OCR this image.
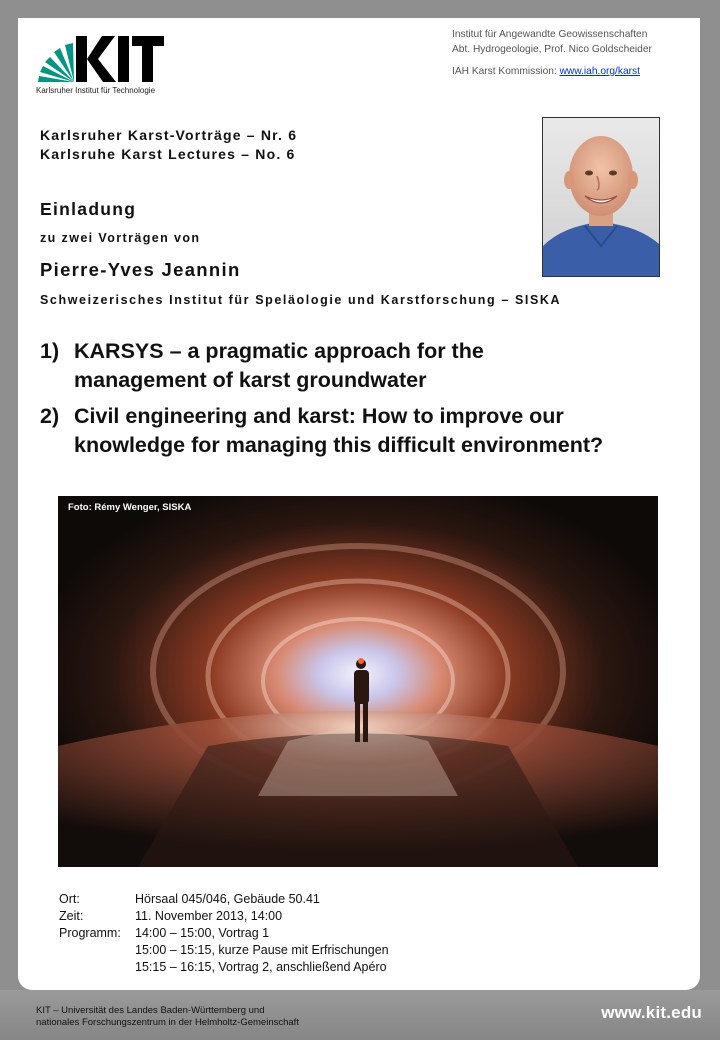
Karlsruher Institut für Technologie
Institut für Angewandte Geowissenschaften
Abt. Hydrogeologie, Prof. Nico Goldscheider
IAH Karst Kommission: www.iah.org/karst
Karlsruher Karst-Vorträge – Nr. 6
Karlsruhe Karst Lectures – No. 6
Einladung
zu zwei Vorträgen von
Pierre-Yves Jeannin
Schweizerisches Institut für Speläologie und Karstforschung – SISKA
1) KARSYS – a pragmatic approach for the
management of karst groundwater
2) Civil engineering and karst: How to improve our
knowledge for managing this difficult environment?
Foto: Rémy Wenger, SISKA
Ort:	Hörsaal 045/046, Gebäude 50.41
Zeit:	11. November 2013, 14:00
Programm:	14:00 – 15:00, Vortrag 1
15:00 – 15:15, kurze Pause mit Erfrischungen
15:15 – 16:15, Vortrag 2, anschließend Apéro
KIT – Universität des Landes Baden-Württemberg und
nationales Forschungszentrum in der Helmholtz-Gemeinschaft
www.kit.edu
